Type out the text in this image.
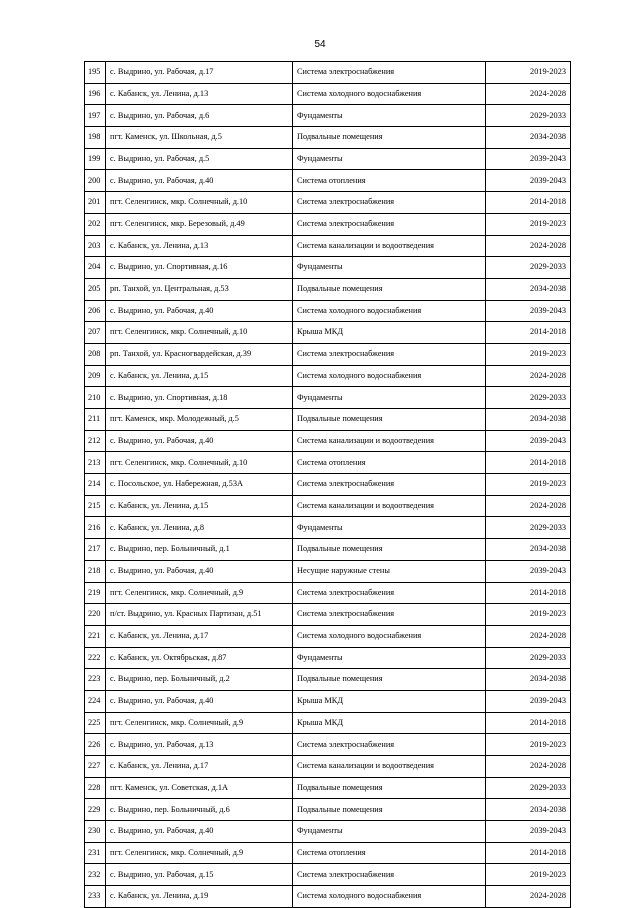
54
195	с. Выдрино, ул. Рабочая, д.17	Система электроснабжения	2019-2023
196	с. Кабанск, ул. Ленина, д.13	Система холодного водоснабжения	2024-2028
197	с. Выдрино, ул. Рабочая, д.6	Фундаменты	2029-2033
198	пгт. Каменск, ул. Школьная, д.5	Подвальные помещения	2034-2038
199	с. Выдрино, ул. Рабочая, д.5	Фундаменты	2039-2043
200	с. Выдрино, ул. Рабочая, д.40	Система отопления	2039-2043
201	пгт. Селенгинск, мкр. Солнечный, д.10	Система электроснабжения	2014-2018
202	пгт. Селенгинск, мкр. Березовый, д.49	Система электроснабжения	2019-2023
203	с. Кабанск, ул. Ленина, д.13	Система канализации и водоотведения	2024-2028
204	с. Выдрино, ул. Спортивная, д.16	Фундаменты	2029-2033
205	рп. Танхой, ул. Центральная, д.53	Подвальные помещения	2034-2038
206	с. Выдрино, ул. Рабочая, д.40	Система холодного водоснабжения	2039-2043
207	пгт. Селенгинск, мкр. Солнечный, д.10	Крыша МКД	2014-2018
208	рп. Танхой, ул. Красногвардейская, д.39	Система электроснабжения	2019-2023
209	с. Кабанск, ул. Ленина, д.15	Система холодного водоснабжения	2024-2028
210	с. Выдрино, ул. Спортивная, д.18	Фундаменты	2029-2033
211	пгт. Каменск, мкр. Молодежный, д.5	Подвальные помещения	2034-2038
212	с. Выдрино, ул. Рабочая, д.40	Система канализации и водоотведения	2039-2043
213	пгт. Селенгинск, мкр. Солнечный, д.10	Система отопления	2014-2018
214	с. Посольское, ул. Набережная, д.53А	Система электроснабжения	2019-2023
215	с. Кабанск, ул. Ленина, д.15	Система канализации и водоотведения	2024-2028
216	с. Кабанск, ул. Ленина, д.8	Фундаменты	2029-2033
217	с. Выдрино, пер. Больничный, д.1	Подвальные помещения	2034-2038
218	с. Выдрино, ул. Рабочая, д.40	Несущие наружные стены	2039-2043
219	пгт. Селенгинск, мкр. Солнечный, д.9	Система электроснабжения	2014-2018
220	п/ст. Выдрино, ул. Красных Партизан, д.51	Система электроснабжения	2019-2023
221	с. Кабанск, ул. Ленина, д.17	Система холодного водоснабжения	2024-2028
222	с. Кабанск, ул. Октябрьская, д.87	Фундаменты	2029-2033
223	с. Выдрино, пер. Больничный, д.2	Подвальные помещения	2034-2038
224	с. Выдрино, ул. Рабочая, д.40	Крыша МКД	2039-2043
225	пгт. Селенгинск, мкр. Солнечный, д.9	Крыша МКД	2014-2018
226	с. Выдрино, ул. Рабочая, д.13	Система электроснабжения	2019-2023
227	с. Кабанск, ул. Ленина, д.17	Система канализации и водоотведения	2024-2028
228	пгт. Каменск, ул. Советская, д.1А	Подвальные помещения	2029-2033
229	с. Выдрино, пер. Больничный, д.6	Подвальные помещения	2034-2038
230	с. Выдрино, ул. Рабочая, д.40	Фундаменты	2039-2043
231	пгт. Селенгинск, мкр. Солнечный, д.9	Система отопления	2014-2018
232	с. Выдрино, ул. Рабочая, д.15	Система электроснабжения	2019-2023
233	с. Кабанск, ул. Ленина, д.19	Система холодного водоснабжения	2024-2028
